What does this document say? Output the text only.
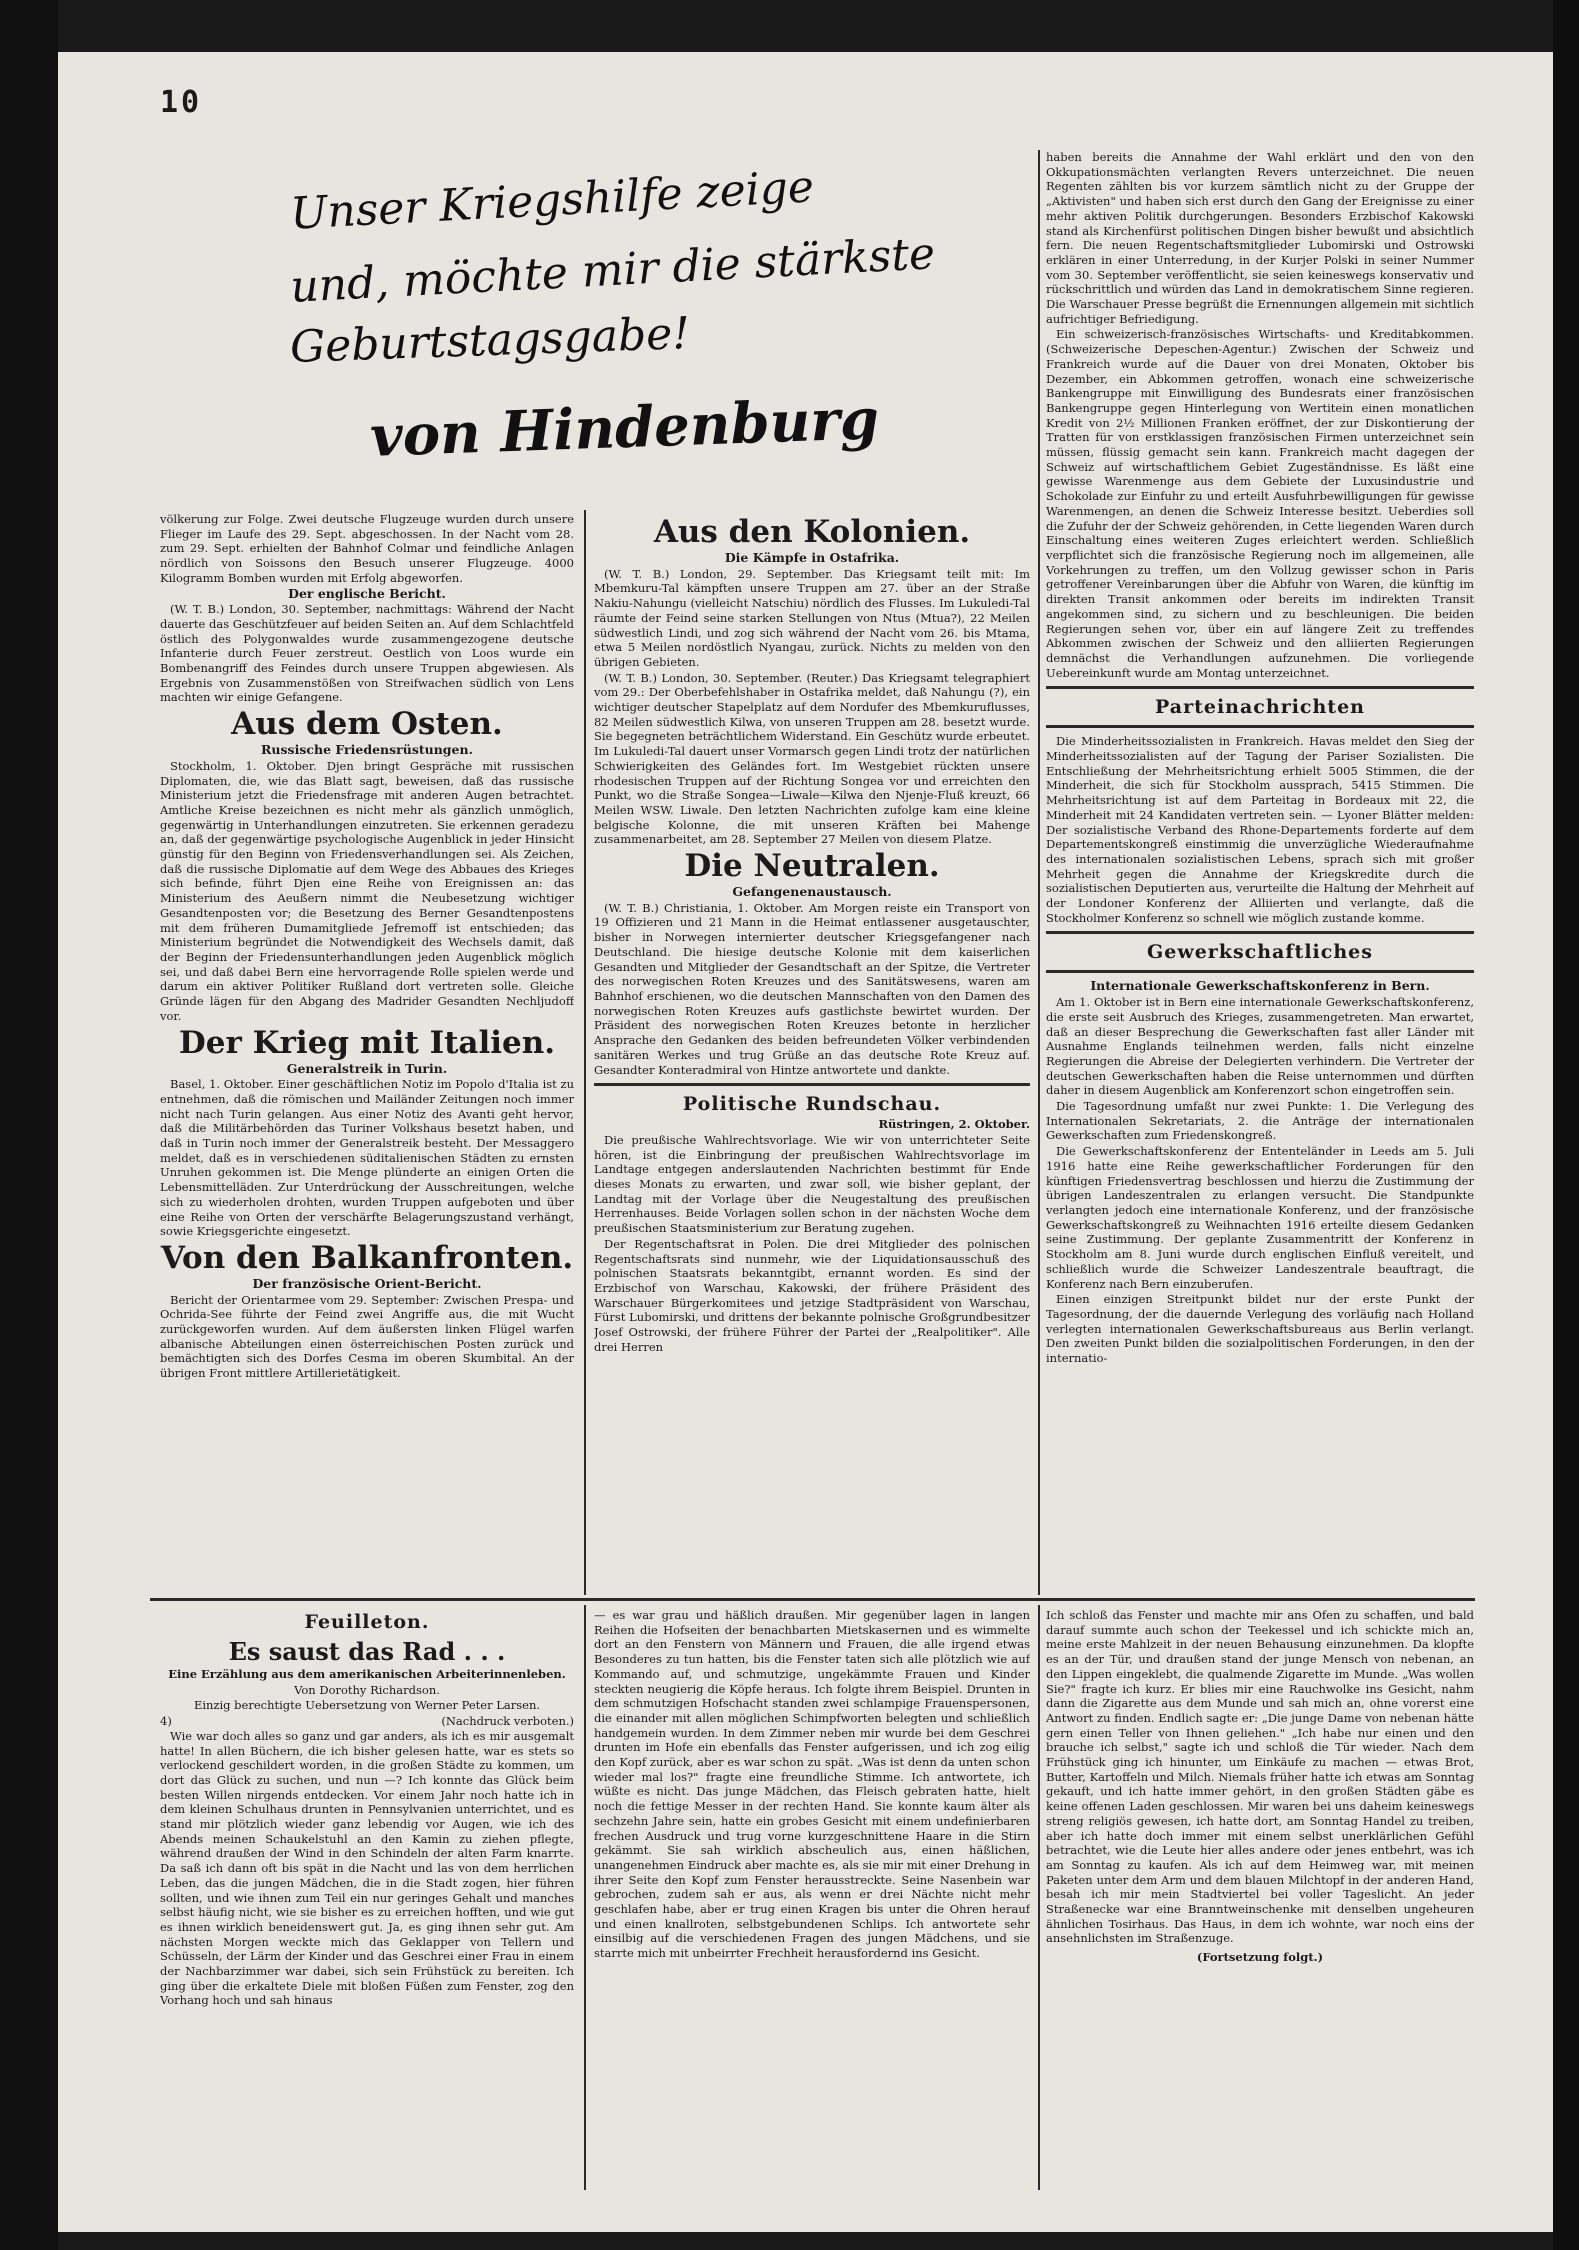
10
Unser Kriegshilfe zeige
und, möchte mir die stärkste
Geburtstagsgabe!
von Hindenburg

völkerung zur Folge. Zwei deutsche Flugzeuge wurden durch unsere Flieger im Laufe des 29. Sept. abgeschossen. In der Nacht vom 28. zum 29. Sept. erhielten der Bahnhof Colmar und feindliche Anlagen nördlich von Soissons den Besuch unserer Flugzeuge. 4000 Kilogramm Bomben wurden mit Erfolg abgeworfen.

Der englische Bericht.

(W. T. B.) London, 30. September, nachmittags: Während der Nacht dauerte das Geschützfeuer auf beiden Seiten an. Auf dem Schlachtfeld östlich des Polygonwaldes wurde zusammengezogene deutsche Infanterie durch Feuer zerstreut. Oestlich von Loos wurde ein Bombenangriff des Feindes durch unsere Truppen abgewiesen. Als Ergebnis von Zusammenstößen von Streifwachen südlich von Lens machten wir einige Gefangene.

Aus dem Osten.

Russische Friedensrüstungen.

Stockholm, 1. Oktober. Djen bringt Gespräche mit russischen Diplomaten, die, wie das Blatt sagt, beweisen, daß das russische Ministerium jetzt die Friedensfrage mit anderen Augen betrachtet. Amtliche Kreise bezeichnen es nicht mehr als gänzlich unmöglich, gegenwärtig in Unterhandlungen einzutreten. Sie erkennen geradezu an, daß der gegenwärtige psychologische Augenblick in jeder Hinsicht günstig für den Beginn von Friedensverhandlungen sei. Als Zeichen, daß die russische Diplomatie auf dem Wege des Abbaues des Krieges sich befinde, führt Djen eine Reihe von Ereignissen an: das Ministerium des Aeußern nimmt die Neubesetzung wichtiger Gesandtenposten vor; die Besetzung des Berner Gesandtenpostens mit dem früheren Dumamitgliede Jefremoff ist entschieden; das Ministerium begründet die Notwendigkeit des Wechsels damit, daß der Beginn der Friedensunterhandlungen jeden Augenblick möglich sei, und daß dabei Bern eine hervorragende Rolle spielen werde und darum ein aktiver Politiker Rußland dort vertreten solle. Gleiche Gründe lägen für den Abgang des Madrider Gesandten Nechljudoff vor.

Der Krieg mit Italien.

Generalstreik in Turin.

Basel, 1. Oktober. Einer geschäftlichen Notiz im Popolo d'Italia ist zu entnehmen, daß die römischen und Mailänder Zeitungen noch immer nicht nach Turin gelangen. Aus einer Notiz des Avanti geht hervor, daß die Militärbehörden das Turiner Volkshaus besetzt haben, und daß in Turin noch immer der Generalstreik besteht. Der Messaggero meldet, daß es in verschiedenen süditalienischen Städten zu ernsten Unruhen gekommen ist. Die Menge plünderte an einigen Orten die Lebensmittelläden. Zur Unterdrückung der Ausschreitungen, welche sich zu wiederholen drohten, wurden Truppen aufgeboten und über eine Reihe von Orten der verschärfte Belagerungszustand verhängt, sowie Kriegsgerichte eingesetzt.

Von den Balkanfronten.

Der französische Orient-Bericht.

Bericht der Orientarmee vom 29. September: Zwischen Prespa- und Ochrida-See führte der Feind zwei Angriffe aus, die mit Wucht zurückgeworfen wurden. Auf dem äußersten linken Flügel warfen albanische Abteilungen einen österreichischen Posten zurück und bemächtigten sich des Dorfes Cesma im oberen Skumbital. An der übrigen Front mittlere Artillerietätigkeit.

Aus den Kolonien.

Die Kämpfe in Ostafrika.

(W. T. B.) London, 29. September. Das Kriegsamt teilt mit: Im Mbemkuru-Tal kämpften unsere Truppen am 27. über an der Straße Nakiu-Nahungu (vielleicht Natschiu) nördlich des Flusses. Im Lukuledi-Tal räumte der Feind seine starken Stellungen von Ntus (Mtua?), 22 Meilen südwestlich Lindi, und zog sich während der Nacht vom 26. bis Mtama, etwa 5 Meilen nordöstlich Nyangau, zurück. Nichts zu melden von den übrigen Gebieten.

(W. T. B.) London, 30. September. (Reuter.) Das Kriegsamt telegraphiert vom 29.: Der Oberbefehlshaber in Ostafrika meldet, daß Nahungu (?), ein wichtiger deutscher Stapelplatz auf dem Nordufer des Mbemkuruflusses, 82 Meilen südwestlich Kilwa, von unseren Truppen am 28. besetzt wurde. Sie begegneten beträchtlichem Widerstand. Ein Geschütz wurde erbeutet. Im Lukuledi-Tal dauert unser Vormarsch gegen Lindi trotz der natürlichen Schwierigkeiten des Geländes fort. Im Westgebiet rückten unsere rhodesischen Truppen auf der Richtung Songea vor und erreichten den Punkt, wo die Straße Songea—Liwale—Kilwa den Njenje-Fluß kreuzt, 66 Meilen WSW. Liwale. Den letzten Nachrichten zufolge kam eine kleine belgische Kolonne, die mit unseren Kräften bei Mahenge zusammenarbeitet, am 28. September 27 Meilen von diesem Platze.

Die Neutralen.

Gefangenenaustausch.

(W. T. B.) Christiania, 1. Oktober. Am Morgen reiste ein Transport von 19 Offizieren und 21 Mann in die Heimat entlassener ausgetauschter, bisher in Norwegen internierter deutscher Kriegsgefangener nach Deutschland. Die hiesige deutsche Kolonie mit dem kaiserlichen Gesandten und Mitglieder der Gesandtschaft an der Spitze, die Vertreter des norwegischen Roten Kreuzes und des Sanitätswesens, waren am Bahnhof erschienen, wo die deutschen Mannschaften von den Damen des norwegischen Roten Kreuzes aufs gastlichste bewirtet wurden. Der Präsident des norwegischen Roten Kreuzes betonte in herzlicher Ansprache den Gedanken des beiden befreundeten Völker verbindenden sanitären Werkes und trug Grüße an das deutsche Rote Kreuz auf. Gesandter Konteradmiral von Hintze antwortete und dankte.

Politische Rundschau.

Rüstringen, 2. Oktober.

Die preußische Wahlrechtsvorlage. Wie wir von unterrichteter Seite hören, ist die Einbringung der preußischen Wahlrechtsvorlage im Landtage entgegen anderslautenden Nachrichten bestimmt für Ende dieses Monats zu erwarten, und zwar soll, wie bisher geplant, der Landtag mit der Vorlage über die Neugestaltung des preußischen Herrenhauses. Beide Vorlagen sollen schon in der nächsten Woche dem preußischen Staatsministerium zur Beratung zugehen.

Der Regentschaftsrat in Polen. Die drei Mitglieder des polnischen Regentschaftsrats sind nunmehr, wie der Liquidationsausschuß des polnischen Staatsrats bekanntgibt, ernannt worden. Es sind der Erzbischof von Warschau, Kakowski, der frühere Präsident des Warschauer Bürgerkomitees und jetzige Stadtpräsident von Warschau, Fürst Lubomirski, und drittens der bekannte polnische Großgrundbesitzer Josef Ostrowski, der frühere Führer der Partei der „Realpolitiker". Alle drei Herren

haben bereits die Annahme der Wahl erklärt und den von den Okkupationsmächten verlangten Revers unterzeichnet. Die neuen Regenten zählten bis vor kurzem sämtlich nicht zu der Gruppe der „Aktivisten" und haben sich erst durch den Gang der Ereignisse zu einer mehr aktiven Politik durchgerungen. Besonders Erzbischof Kakowski stand als Kirchenfürst politischen Dingen bisher bewußt und absichtlich fern. Die neuen Regentschaftsmitglieder Lubomirski und Ostrowski erklären in einer Unterredung, in der Kurjer Polski in seiner Nummer vom 30. September veröffentlicht, sie seien keineswegs konservativ und rückschrittlich und würden das Land in demokratischem Sinne regieren. Die Warschauer Presse begrüßt die Ernennungen allgemein mit sichtlich aufrichtiger Befriedigung.

Ein schweizerisch-französisches Wirtschafts- und Kreditabkommen. (Schweizerische Depeschen-Agentur.) Zwischen der Schweiz und Frankreich wurde auf die Dauer von drei Monaten, Oktober bis Dezember, ein Abkommen getroffen, wonach eine schweizerische Bankengruppe mit Einwilligung des Bundesrats einer französischen Bankengruppe gegen Hinterlegung von Wertitein einen monatlichen Kredit von 2½ Millionen Franken eröffnet, der zur Diskontierung der Tratten für von erstklassigen französischen Firmen unterzeichnet sein müssen, flüssig gemacht sein kann. Frankreich macht dagegen der Schweiz auf wirtschaftlichem Gebiet Zugeständnisse. Es läßt eine gewisse Warenmenge aus dem Gebiete der Luxusindustrie und Schokolade zur Einfuhr zu und erteilt Ausfuhrbewilligungen für gewisse Warenmengen, an denen die Schweiz Interesse besitzt. Ueberdies soll die Zufuhr der der Schweiz gehörenden, in Cette liegenden Waren durch Einschaltung eines weiteren Zuges erleichtert werden. Schließlich verpflichtet sich die französische Regierung noch im allgemeinen, alle Vorkehrungen zu treffen, um den Vollzug gewisser schon in Paris getroffener Vereinbarungen über die Abfuhr von Waren, die künftig im direkten Transit ankommen oder bereits im indirekten Transit angekommen sind, zu sichern und zu beschleunigen. Die beiden Regierungen sehen vor, über ein auf längere Zeit zu treffendes Abkommen zwischen der Schweiz und den alliierten Regierungen demnächst die Verhandlungen aufzunehmen. Die vorliegende Uebereinkunft wurde am Montag unterzeichnet.

Parteinachrichten

Die Minderheitssozialisten in Frankreich. Havas meldet den Sieg der Minderheitssozialisten auf der Tagung der Pariser Sozialisten. Die Entschließung der Mehrheitsrichtung erhielt 5005 Stimmen, die der Minderheit, die sich für Stockholm aussprach, 5415 Stimmen. Die Mehrheitsrichtung ist auf dem Parteitag in Bordeaux mit 22, die Minderheit mit 24 Kandidaten vertreten sein. — Lyoner Blätter melden: Der sozialistische Verband des Rhone-Departements forderte auf dem Departementskongreß einstimmig die unverzügliche Wiederaufnahme des internationalen sozialistischen Lebens, sprach sich mit großer Mehrheit gegen die Annahme der Kriegskredite durch die sozialistischen Deputierten aus, verurteilte die Haltung der Mehrheit auf der Londoner Konferenz der Alliierten und verlangte, daß die Stockholmer Konferenz so schnell wie möglich zustande komme.

Gewerkschaftliches

Internationale Gewerkschaftskonferenz in Bern.

Am 1. Oktober ist in Bern eine internationale Gewerkschaftskonferenz, die erste seit Ausbruch des Krieges, zusammengetreten. Man erwartet, daß an dieser Besprechung die Gewerkschaften fast aller Länder mit Ausnahme Englands teilnehmen werden, falls nicht einzelne Regierungen die Abreise der Delegierten verhindern. Die Vertreter der deutschen Gewerkschaften haben die Reise unternommen und dürften daher in diesem Augenblick am Konferenzort schon eingetroffen sein.

Die Tagesordnung umfaßt nur zwei Punkte: 1. Die Verlegung des Internationalen Sekretariats, 2. die Anträge der internationalen Gewerkschaften zum Friedenskongreß.

Die Gewerkschaftskonferenz der Ententeländer in Leeds am 5. Juli 1916 hatte eine Reihe gewerkschaftlicher Forderungen für den künftigen Friedensvertrag beschlossen und hierzu die Zustimmung der übrigen Landeszentralen zu erlangen versucht. Die Standpunkte verlangten jedoch eine internationale Konferenz, und der französische Gewerkschaftskongreß zu Weihnachten 1916 erteilte diesem Gedanken seine Zustimmung. Der geplante Zusammentritt der Konferenz in Stockholm am 8. Juni wurde durch englischen Einfluß vereitelt, und schließlich wurde die Schweizer Landeszentrale beauftragt, die Konferenz nach Bern einzuberufen.

Einen einzigen Streitpunkt bildet nur der erste Punkt der Tagesordnung, der die dauernde Verlegung des vorläufig nach Holland verlegten internationalen Gewerkschaftsbureaus aus Berlin verlangt. Den zweiten Punkt bilden die sozialpolitischen Forderungen, in den der internatio-

Feuilleton.

Es saust das Rad . . .

Eine Erzählung aus dem amerikanischen Arbeiterinnenleben.

Von Dorothy Richardson.

Einzig berechtigte Uebersetzung von Werner Peter Larsen.

4)	(Nachdruck verboten.)

Wie war doch alles so ganz und gar anders, als ich es mir ausgemalt hatte! In allen Büchern, die ich bisher gelesen hatte, war es stets so verlockend geschildert worden, in die großen Städte zu kommen, um dort das Glück zu suchen, und nun —? Ich konnte das Glück beim besten Willen nirgends entdecken. Vor einem Jahr noch hatte ich in dem kleinen Schulhaus drunten in Pennsylvanien unterrichtet, und es stand mir plötzlich wieder ganz lebendig vor Augen, wie ich des Abends meinen Schaukelstuhl an den Kamin zu ziehen pflegte, während draußen der Wind in den Schindeln der alten Farm knarrte. Da saß ich dann oft bis spät in die Nacht und las von dem herrlichen Leben, das die jungen Mädchen, die in die Stadt zogen, hier führen sollten, und wie ihnen zum Teil ein nur geringes Gehalt und manches selbst häufig nicht, wie sie bisher es zu erreichen hofften, und wie gut es ihnen wirklich beneidenswert gut. Ja, es ging ihnen sehr gut. Am nächsten Morgen weckte mich das Geklapper von Tellern und Schüsseln, der Lärm der Kinder und das Geschrei einer Frau in einem der Nachbarzimmer war dabei, sich sein Frühstück zu bereiten. Ich ging über die erkaltete Diele mit bloßen Füßen zum Fenster, zog den Vorhang hoch und sah hinaus

— es war grau und häßlich draußen. Mir gegenüber lagen in langen Reihen die Hofseiten der benachbarten Mietskasernen und es wimmelte dort an den Fenstern von Männern und Frauen, die alle irgend etwas Besonderes zu tun hatten, bis die Fenster taten sich alle plötzlich wie auf Kommando auf, und schmutzige, ungekämmte Frauen und Kinder steckten neugierig die Köpfe heraus. Ich folgte ihrem Beispiel. Drunten in dem schmutzigen Hofschacht standen zwei schlampige Frauenspersonen, die einander mit allen möglichen Schimpfworten belegten und schließlich handgemein wurden. In dem Zimmer neben mir wurde bei dem Geschrei drunten im Hofe ein ebenfalls das Fenster aufgerissen, und ich zog eilig den Kopf zurück, aber es war schon zu spät. „Was ist denn da unten schon wieder mal los?" fragte eine freundliche Stimme. Ich antwortete, ich wüßte es nicht. Das junge Mädchen, das Fleisch gebraten hatte, hielt noch die fettige Messer in der rechten Hand. Sie konnte kaum älter als sechzehn Jahre sein, hatte ein grobes Gesicht mit einem undefinierbaren frechen Ausdruck und trug vorne kurzgeschnittene Haare in die Stirn gekämmt. Sie sah wirklich abscheulich aus, einen häßlichen, unangenehmen Eindruck aber machte es, als sie mir mit einer Drehung in ihrer Seite den Kopf zum Fenster herausstreckte. Seine Nasenbein war gebrochen, zudem sah er aus, als wenn er drei Nächte nicht mehr geschlafen habe, aber er trug einen Kragen bis unter die Ohren herauf und einen knallroten, selbstgebundenen Schlips. Ich antwortete sehr einsilbig auf die verschiedenen Fragen des jungen Mädchens, und sie starrte mich mit unbeirrter Frechheit herausfordernd ins Gesicht.

Ich schloß das Fenster und machte mir ans Ofen zu schaffen, und bald darauf summte auch schon der Teekessel und ich schickte mich an, meine erste Mahlzeit in der neuen Behausung einzunehmen. Da klopfte es an der Tür, und draußen stand der junge Mensch von nebenan, an den Lippen eingeklebt, die qualmende Zigarette im Munde. „Was wollen Sie?" fragte ich kurz. Er blies mir eine Rauchwolke ins Gesicht, nahm dann die Zigarette aus dem Munde und sah mich an, ohne vorerst eine Antwort zu finden. Endlich sagte er: „Die junge Dame von nebenan hätte gern einen Teller von Ihnen geliehen." „Ich habe nur einen und den brauche ich selbst," sagte ich und schloß die Tür wieder. Nach dem Frühstück ging ich hinunter, um Einkäufe zu machen — etwas Brot, Butter, Kartoffeln und Milch. Niemals früher hatte ich etwas am Sonntag gekauft, und ich hatte immer gehört, in den großen Städten gäbe es keine offenen Laden geschlossen. Mir waren bei uns daheim keineswegs streng religiös gewesen, ich hatte dort, am Sonntag Handel zu treiben, aber ich hatte doch immer mit einem selbst unerklärlichen Gefühl betrachtet, wie die Leute hier alles andere oder jenes entbehrt, was ich am Sonntag zu kaufen. Als ich auf dem Heimweg war, mit meinen Paketen unter dem Arm und dem blauen Milchtopf in der anderen Hand, besah ich mir mein Stadtviertel bei voller Tageslicht. An jeder Straßenecke war eine Branntweinschenke mit denselben ungeheuren ähnlichen Tosirhaus. Das Haus, in dem ich wohnte, war noch eins der ansehnlichsten im Straßenzuge.

(Fortsetzung folgt.)
